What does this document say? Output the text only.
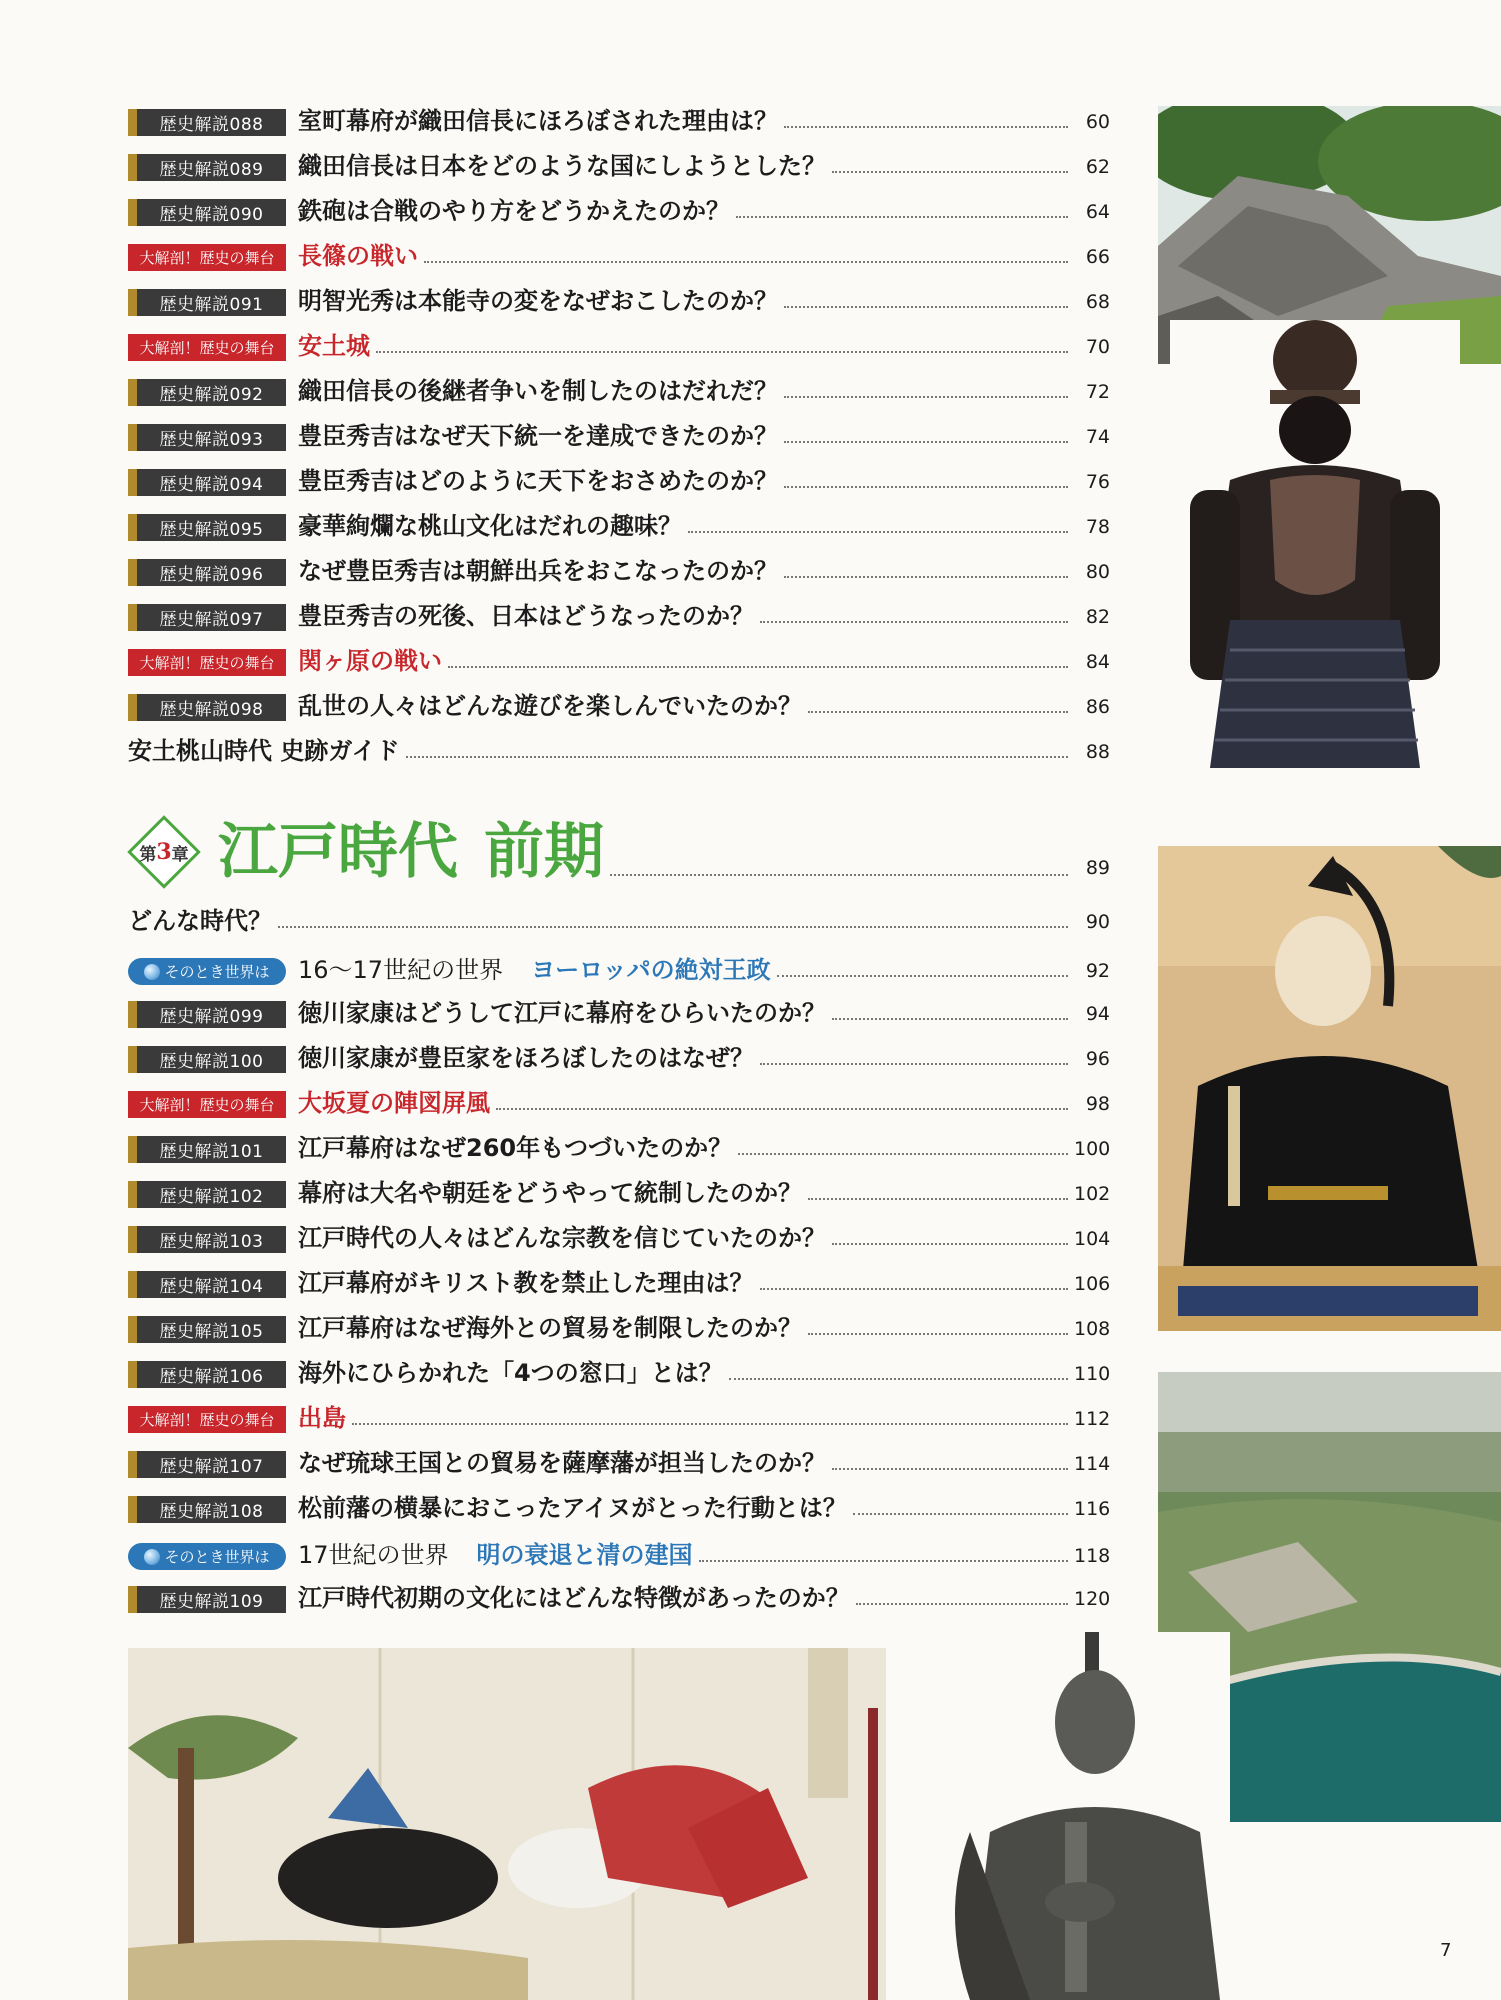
歴史解説088	室町幕府が織田信長にほろぼされた理由は？	60
歴史解説089	織田信長は日本をどのような国にしようとした？	62
歴史解説090	鉄砲は合戦のやり方をどうかえたのか？	64
大解剖！歴史の舞台 長篠の戦い	66
歴史解説091	明智光秀は本能寺の変をなぜおこしたのか？	68
大解剖！歴史の舞台 安土城	70
歴史解説092	織田信長の後継者争いを制したのはだれだ？	72
歴史解説093	豊臣秀吉はなぜ天下統一を達成できたのか？	74
歴史解説094	豊臣秀吉はどのように天下をおさめたのか？	76
歴史解説095	豪華絢爛な桃山文化はだれの趣味？	78
歴史解説096	なぜ豊臣秀吉は朝鮮出兵をおこなったのか？	80
歴史解説097	豊臣秀吉の死後、日本はどうなったのか？	82
大解剖！歴史の舞台 関ヶ原の戦い	84
歴史解説098	乱世の人々はどんな遊びを楽しんでいたのか？	86
安土桃山時代 史跡ガイド	88
第 3 章 江戸時代 前期	89
どんな時代？	90
そのとき世界は 16〜17世紀の世界 ヨーロッパの絶対王政	92
歴史解説099	徳川家康はどうして江戸に幕府をひらいたのか？	94
歴史解説100	徳川家康が豊臣家をほろぼしたのはなぜ？	96
大解剖！歴史の舞台 大坂夏の陣図屏風	98
歴史解説101	江戸幕府はなぜ260年もつづいたのか？	100
歴史解説102	幕府は大名や朝廷をどうやって統制したのか？	102
歴史解説103	江戸時代の人々はどんな宗教を信じていたのか？	104
歴史解説104	江戸幕府がキリスト教を禁止した理由は？	106
歴史解説105	江戸幕府はなぜ海外との貿易を制限したのか？	108
歴史解説106	海外にひらかれた「4つの窓口」とは？	110
大解剖！歴史の舞台 出島	112
歴史解説107	なぜ琉球王国との貿易を薩摩藩が担当したのか？	114
歴史解説108	松前藩の横暴におこったアイヌがとった行動とは？	116
そのとき世界は 17世紀の世界 明の衰退と清の建国	118
歴史解説109	江戸時代初期の文化にはどんな特徴があったのか？	120
7
